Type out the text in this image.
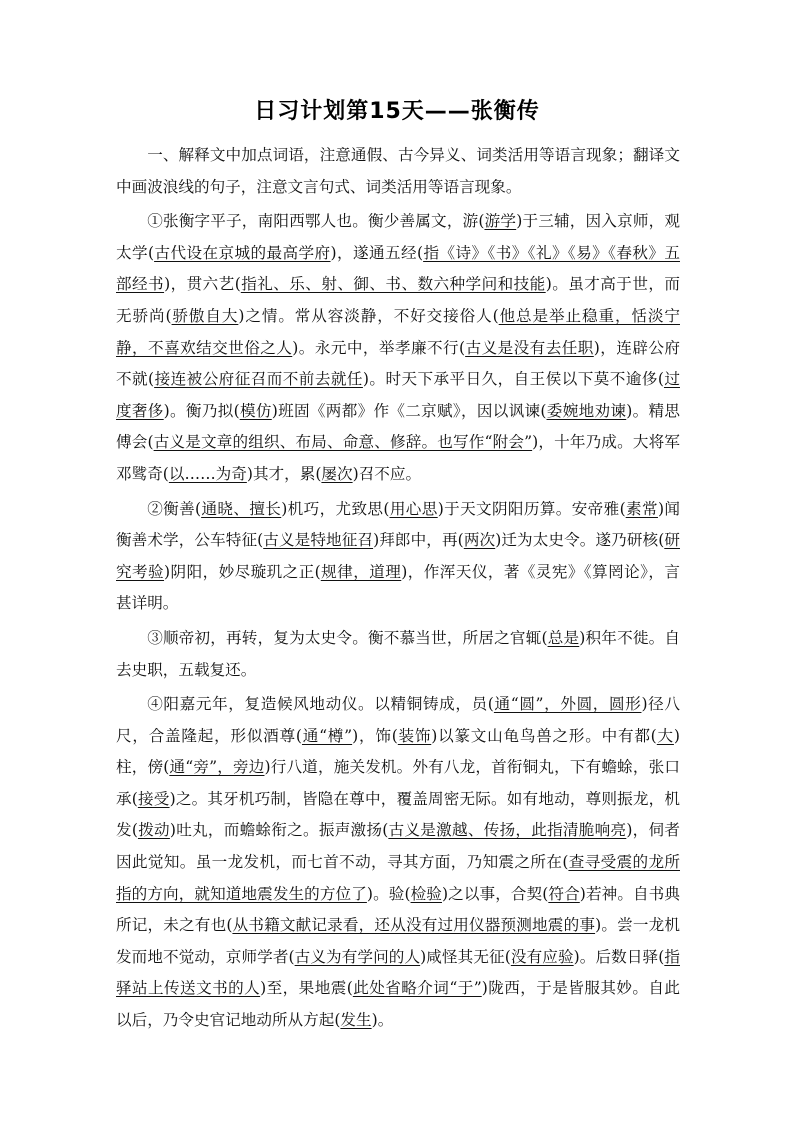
日习计划第15天——张衡传

一、解释文中加点词语，注意通假、古今异义、词类活用等语言现象；翻译文中画波浪线的句子，注意文言句式、词类活用等语言现象。

①张衡字平子，南阳西鄂人也。衡少善属文，游(游学)于三辅，因入京师，观太学(古代设在京城的最高学府)，遂通五经(指《诗》《书》《礼》《易》《春秋》五部经书)，贯六艺(指礼、乐、射、御、书、数六种学问和技能)。虽才高于世，而无骄尚(骄傲自大)之情。常从容淡静，不好交接俗人(他总是举止稳重，恬淡宁静，不喜欢结交世俗之人)。永元中，举孝廉不行(古义是没有去任职)，连辟公府不就(接连被公府征召而不前去就任)。时天下承平日久，自王侯以下莫不逾侈(过度奢侈)。衡乃拟(模仿)班固《两都》作《二京赋》，因以讽谏(委婉地劝谏)。精思傅会(古义是文章的组织、布局、命意、修辞。也写作“附会”)，十年乃成。大将军邓骘奇(以……为奇)其才，累(屡次)召不应。

②衡善(通晓、擅长)机巧，尤致思(用心思)于天文阴阳历算。安帝雅(素常)闻衡善术学，公车特征(古义是特地征召)拜郎中，再(两次)迁为太史令。遂乃研核(研究考验)阴阳，妙尽璇玑之正(规律，道理)，作浑天仪，著《灵宪》《算罔论》，言甚详明。

③顺帝初，再转，复为太史令。衡不慕当世，所居之官辄(总是)积年不徙。自去史职，五载复还。

④阳嘉元年，复造候风地动仪。以精铜铸成，员(通“圆”，外圆，圆形)径八尺，合盖隆起，形似酒尊(通“樽”)，饰(装饰)以篆文山龟鸟兽之形。中有都(大)柱，傍(通“旁”，旁边)行八道，施关发机。外有八龙，首衔铜丸，下有蟾蜍，张口承(接受)之。其牙机巧制，皆隐在尊中，覆盖周密无际。如有地动，尊则振龙，机发(拨动)吐丸，而蟾蜍衔之。振声激扬(古义是激越、传扬，此指清脆响亮)，伺者因此觉知。虽一龙发机，而七首不动，寻其方面，乃知震之所在(查寻受震的龙所指的方向，就知道地震发生的方位了)。验(检验)之以事，合契(符合)若神。自书典所记，未之有也(从书籍文献记录看，还从没有过用仪器预测地震的事)。尝一龙机发而地不觉动，京师学者(古义为有学问的人)咸怪其无征(没有应验)。后数日驿(指驿站上传送文书的人)至，果地震(此处省略介词“于”)陇西，于是皆服其妙。自此以后，乃令史官记地动所从方起(发生)。
